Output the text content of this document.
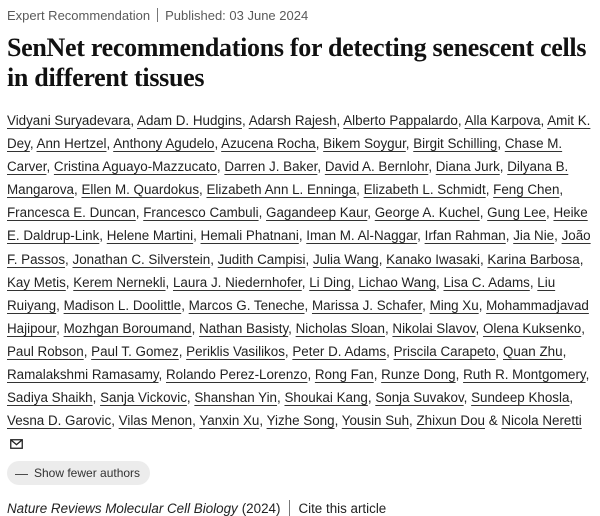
Expert Recommendation Published: 03 June 2024
SenNet recommendations for detecting senescent cells in different tissues
Vidyani Suryadevara, Adam D. Hudgins, Adarsh Rajesh, Alberto Pappalardo, Alla Karpova, Amit K. Dey, Ann Hertzel, Anthony Agudelo, Azucena Rocha, Bikem Soygur, Birgit Schilling, Chase M. Carver, Cristina Aguayo-Mazzucato, Darren J. Baker, David A. Bernlohr, Diana Jurk, Dilyana B. Mangarova, Ellen M. Quardokus, Elizabeth Ann L. Enninga, Elizabeth L. Schmidt, Feng Chen, Francesca E. Duncan, Francesco Cambuli, Gagandeep Kaur, George A. Kuchel, Gung Lee, Heike E. Daldrup-Link, Helene Martini, Hemali Phatnani, Iman M. Al-Naggar, Irfan Rahman, Jia Nie, João F. Passos, Jonathan C. Silverstein, Judith Campisi, Julia Wang, Kanako Iwasaki, Karina Barbosa, Kay Metis, Kerem Nernekli, Laura J. Niedernhofer, Li Ding, Lichao Wang, Lisa C. Adams, Liu Ruiyang, Madison L. Doolittle, Marcos G. Teneche, Marissa J. Schafer, Ming Xu, Mohammadjavad Hajipour, Mozhgan Boroumand, Nathan Basisty, Nicholas Sloan, Nikolai Slavov, Olena Kuksenko, Paul Robson, Paul T. Gomez, Periklis Vasilikos, Peter D. Adams, Priscila Carapeto, Quan Zhu, Ramalakshmi Ramasamy, Rolando Perez-Lorenzo, Rong Fan, Runze Dong, Ruth R. Montgomery, Sadiya Shaikh, Sanja Vickovic, Shanshan Yin, Shoukai Kang, Sonja Suvakov, Sundeep Khosla, Vesna D. Garovic, Vilas Menon, Yanxin Xu, Yizhe Song, Yousin Suh, Zhixun Dou & Nicola Neretti
— Show fewer authors
Nature Reviews Molecular Cell Biology (2024) Cite this article
